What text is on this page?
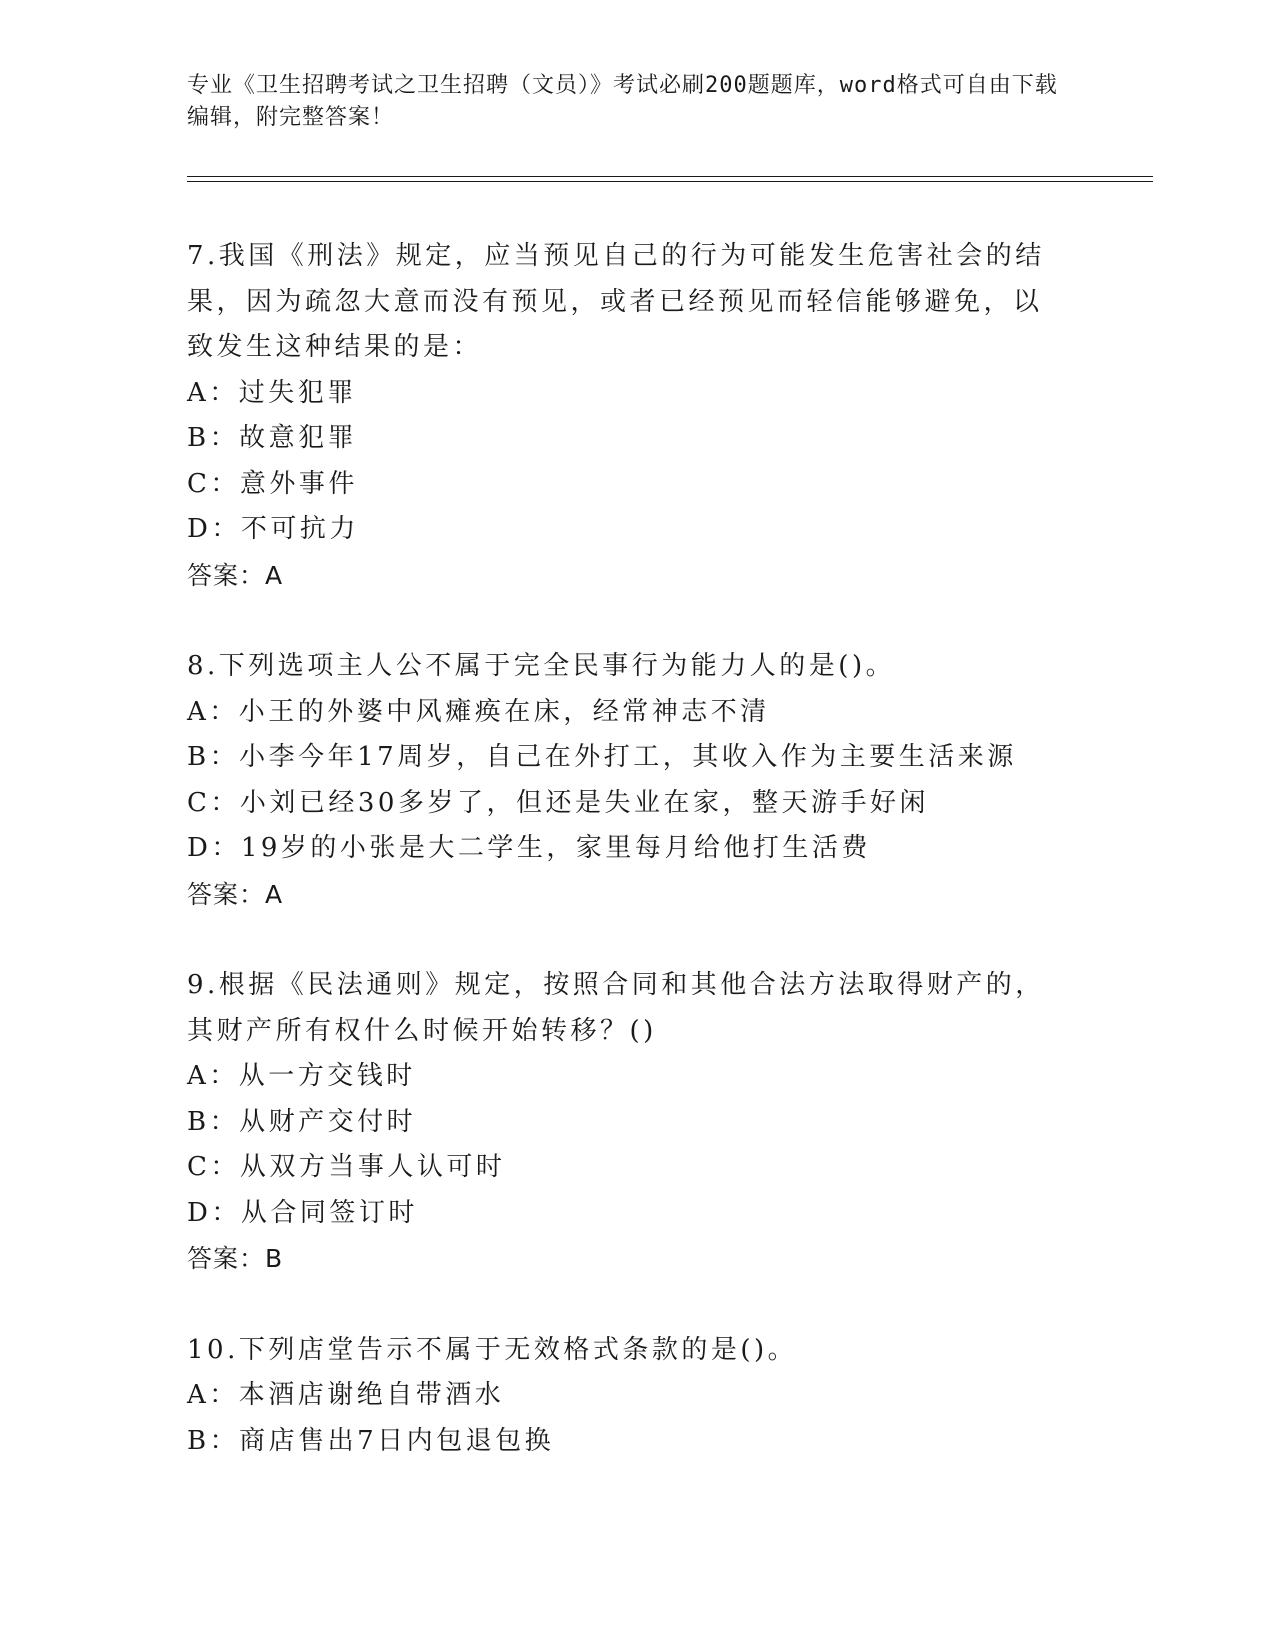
专业《卫生招聘考试之卫生招聘（文员）》考试必刷200题题库，word格式可自由下载编辑，附完整答案！

7.我国《刑法》规定，应当预见自己的行为可能发生危害社会的结果，因为疏忽大意而没有预见，或者已经预见而轻信能够避免，以致发生这种结果的是：

A：过失犯罪

B：故意犯罪

C：意外事件

D：不可抗力

答案：A

8.下列选项主人公不属于完全民事行为能力人的是()。

A：小王的外婆中风瘫痪在床，经常神志不清

B：小李今年17周岁，自己在外打工，其收入作为主要生活来源

C：小刘已经30多岁了，但还是失业在家，整天游手好闲

D：19岁的小张是大二学生，家里每月给他打生活费

答案：A

9.根据《民法通则》规定，按照合同和其他合法方法取得财产的，其财产所有权什么时候开始转移？()

A：从一方交钱时

B：从财产交付时

C：从双方当事人认可时

D：从合同签订时

答案：B

10.下列店堂告示不属于无效格式条款的是()。

A：本酒店谢绝自带酒水

B：商店售出7日内包退包换
